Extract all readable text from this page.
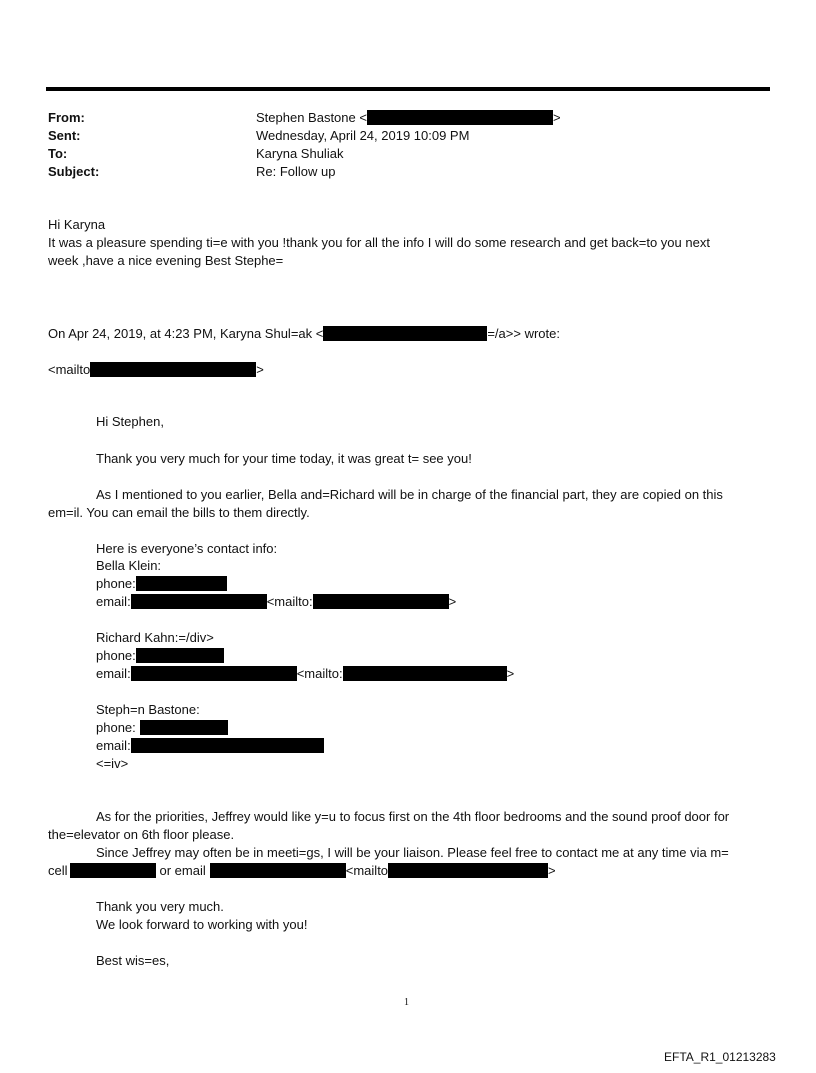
From:	Stephen Bastone <	>
Sent:	Wednesday, April 24, 2019 10:09 PM
To:	Karyna Shuliak
Subject:	Re: Follow up
Hi Karyna
It was a pleasure spending ti=e with you !thank you for all the info I will do some research and get back=to you next
week ,have a nice evening Best Stephe=
On Apr 24, 2019, at 4:23 PM, Karyna Shul=ak <	=/a>> wrote:
<mailto	>
Hi Stephen,
Thank you very much for your time today, it was great t= see you!
As I mentioned to you earlier, Bella and=Richard will be in charge of the financial part, they are copied on this
em=il. You can email the bills to them directly.
Here is everyone’s contact info:
Bella Klein:
phone:
email:	<mailto:	>
Richard Kahn:=/div>
phone:
email:	<mailto:	>
Steph=n Bastone:
phone:
email:
<=iv>
As for the priorities, Jeffrey would like y=u to focus first on the 4th floor bedrooms and the sound proof door for
the=elevator on 6th floor please.
Since Jeffrey may often be in meeti=gs, I will be your liaison. Please feel free to contact me at any time via m=
cell	or email	<mailto	>
Thank you very much.
We look forward to working with you!
Best wis=es,
1
EFTA_R1_01213283
